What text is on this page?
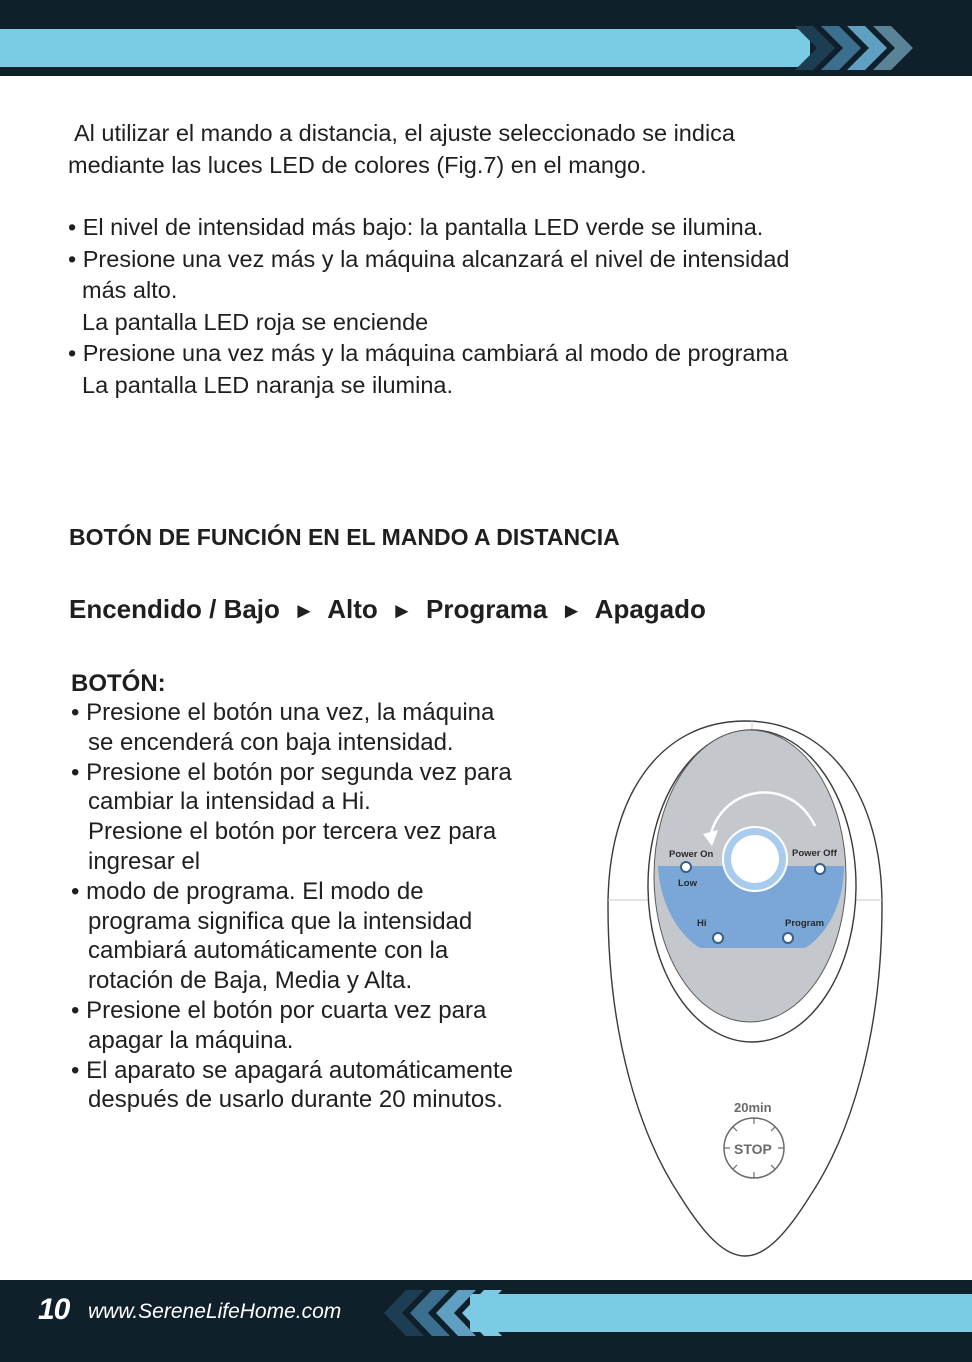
Al utilizar el mando a distancia, el ajuste seleccionado se indica
mediante las luces LED de colores (Fig.7) en el mango.
• El nivel de intensidad más bajo: la pantalla LED verde se ilumina.
• Presione una vez más y la máquina alcanzará el nivel de intensidad
más alto.
La pantalla LED roja se enciende
• Presione una vez más y la máquina cambiará al modo de programa
La pantalla LED naranja se ilumina.
BOTÓN DE FUNCIÓN EN EL MANDO A DISTANCIA
Encendido / Bajo ► Alto ► Programa ► Apagado
BOTÓN:
• Presione el botón una vez, la máquina
se encenderá con baja intensidad.
• Presione el botón por segunda vez para
cambiar la intensidad a Hi.
Presione el botón por tercera vez para
ingresar el
• modo de programa. El modo de
programa significa que la intensidad
cambiará automáticamente con la
rotación de Baja, Media y Alta.
• Presione el botón por cuarta vez para
apagar la máquina.
• El aparato se apagará automáticamente
después de usarlo durante 20 minutos.
Power On	Power Off
Low
Hi	Program
20min
STOP
10 www.SereneLifeHome.com
